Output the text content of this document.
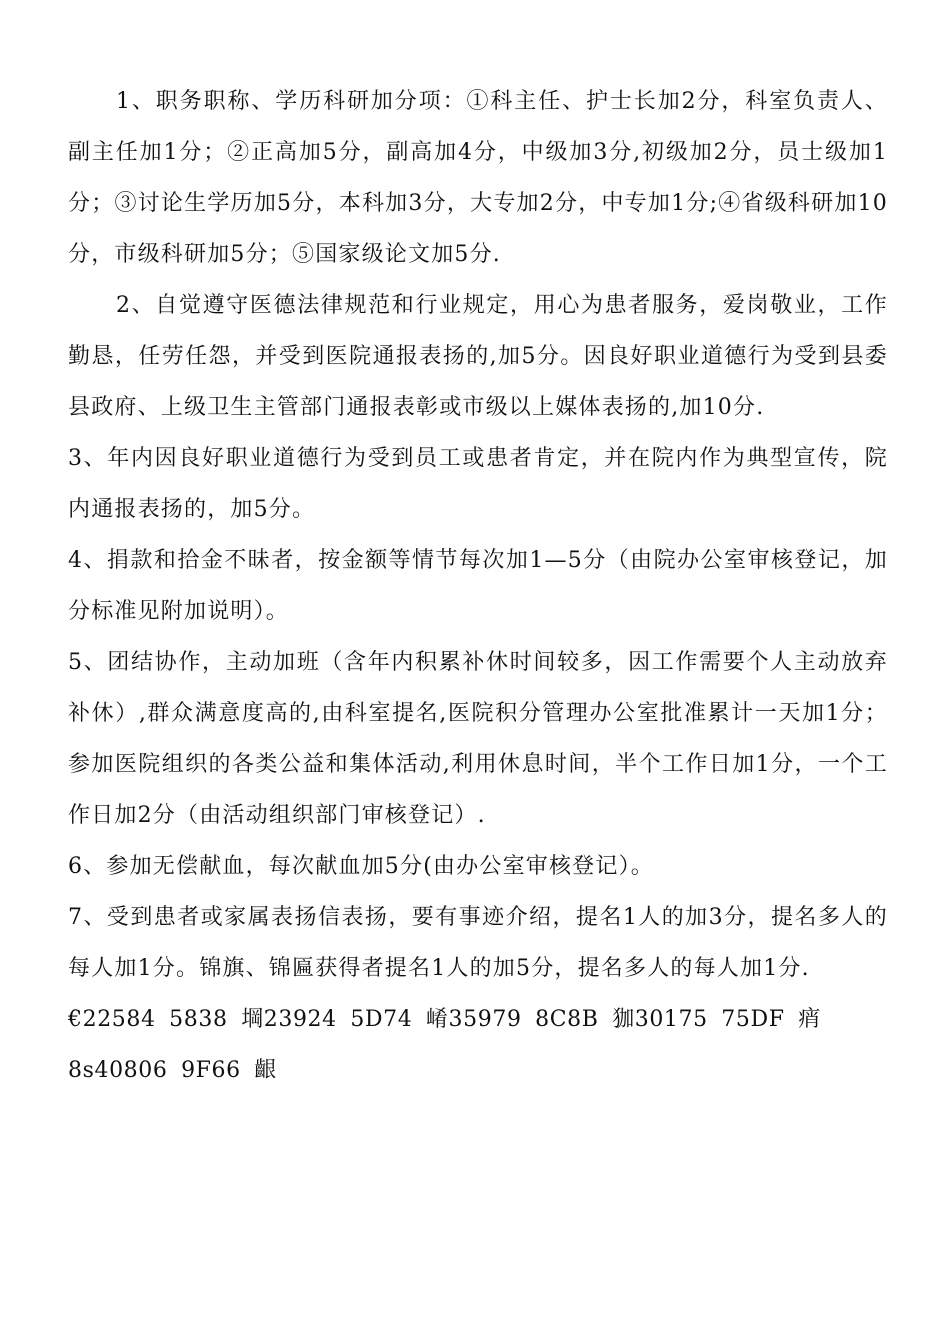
1、职务职称、学历科研加分项：①科主任、护士长加2分，科室负责人、副主任加1分；②正高加5分，副高加4分，中级加3分,初级加2分，员士级加1分；③讨论生学历加5分，本科加3分，大专加2分，中专加1分;④省级科研加10分，市级科研加5分；⑤国家级论文加5分.

2、自觉遵守医德法律规范和行业规定，用心为患者服务，爱岗敬业，工作勤恳，任劳任怨，并受到医院通报表扬的,加5分。因良好职业道德行为受到县委县政府、上级卫生主管部门通报表彰或市级以上媒体表扬的,加10分.

3、年内因良好职业道德行为受到员工或患者肯定，并在院内作为典型宣传，院内通报表扬的，加5分。

4、捐款和拾金不昧者，按金额等情节每次加1—5分（由院办公室审核登记，加分标准见附加说明）。

5、团结协作，主动加班（含年内积累补休时间较多，因工作需要个人主动放弃补休）,群众满意度高的,由科室提名,医院积分管理办公室批准累计一天加1分；参加医院组织的各类公益和集体活动,利用休息时间，半个工作日加1分，一个工作日加2分（由活动组织部门审核登记）.

6、参加无偿献血，每次献血加5分(由办公室审核登记）。

7、受到患者或家属表扬信表扬，要有事迹介绍，提名1人的加3分，提名多人的每人加1分。锦旗、锦匾获得者提名1人的加5分，提名多人的每人加1分.

€22584 5838 堈23924 5D74 崤35979 8C8B 㹢30175 75DF 痟8s40806 9F66 齦
